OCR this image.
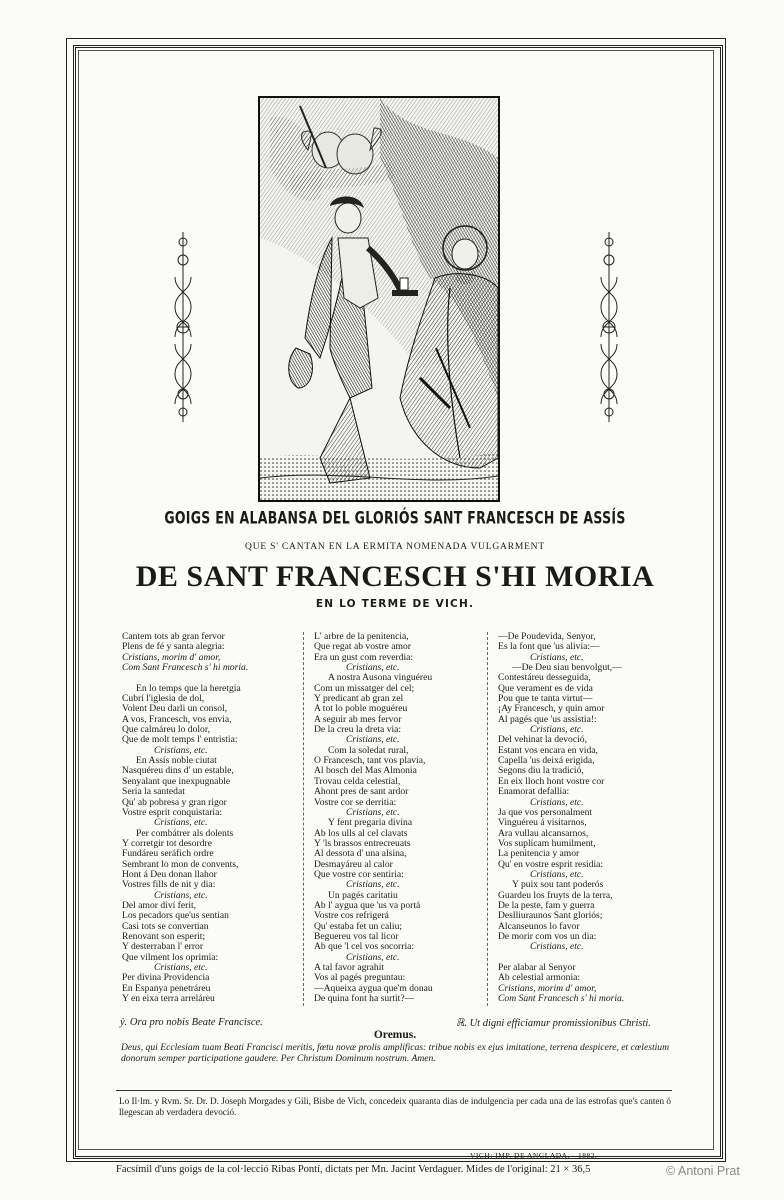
GOIGS EN ALABANSA DEL GLORIÓS SANT FRANCESCH DE ASSÍS
QUE S' CANTAN EN LA ERMITA NOMENADA VULGARMENT
DE SANT FRANCESCH S'HI MORIA
EN LO TERME DE VICH.
Cantem tots ab gran fervor
Plens de fé y santa alegria:
Cristians, morim d' amor,
Com Sant Francesch s' hi moria.
En lo temps que la heretgia
Cubrí l'iglesia de dol,
Volent Deu darli un consol,
A vos, Francesch, vos envia,
Que calmáreu lo dolor,
Que de molt temps l' entristia:
Cristians, etc.
En Assís noble ciutat
Nasquéreu dins d' un estable,
Senyalant que inexpugnable
Seria la santedat
Qu' ab pobresa y gran rigor
Vostre esprit conquistaria:
Cristians, etc.
Per combátrer als dolents
Y corretgir tot desordre
Fundáreu seráfich ordre
Sembrant lo mon de convents,
Hont á Deu donan llahor
Vostres fills de nit y dia:
Cristians, etc.
Del amor diví ferit,
Los pecadors que'us sentian
Casi tots se convertian
Renovant son esperit;
Y desterraban l' error
Que vilment los oprimia:
Cristians, etc.
Per divina Providencia
En Espanya penetráreu
Y en eixa terra arreláreu
L' arbre de la penitencia,
Que regat ab vostre amor
Era un gust com reverdia:
Cristians, etc.
A nostra Ausona vinguéreu
Com un missatger del cel;
Y predicant ab gran zel
A tot lo poble moguéreu
A seguir ab mes fervor
De la creu la dreta via:
Cristians, etc.
Com la soledat rural,
O Francesch, tant vos plavia,
Al bosch del Mas Almonia
Trovau celda celestial,
Ahont pres de sant ardor
Vostre cor se derritia:
Cristians, etc.
Y fent pregaria divina
Ab los ulls al cel clavats
Y 'ls brassos entrecreuats
Al dessota d' una alsina,
Desmayáreu al calor
Que vostre cor sentiria:
Cristians, etc.
Un pagés caritatiu
Ab l' ayguа que 'us va portá
Vostre cos refrigerá
Qu' estaba fet un caliu;
Beguereu vos tal licor
Ab que 'l cel vos socorria:
Cristians, etc.
A tal favor agrahit
Vos al pagés preguntau:
—Aqueixa ayguа que'm donau
De quina font ha surtit?—
—De Poudevida, Senyor,
Es la font que 'us alivia:—
Cristians, etc.
—De Deu siau benvolgut,—
Contestáreu desseguida,
Que verament es de vida
Pou que te tanta virtut—
¡Ay Francesch, y quin amor
Al pagés que 'us assistia!:
Cristians, etc.
Del vehinat la devoció,
Estant vos encara en vida,
Capella 'us deixá erigida,
Segons diu la tradició,
En eix lloch hont vostre cor
Enamorat defallia:
Cristians, etc.
Ja que vos personalment
Vinguéreu á visitarnos,
Ara vullau alcansarnos,
Vos suplicam humilment,
La penitencia y amor
Qu' en vostre esprit residia:
Cristians, etc.
Y puix sou tant poderós
Guardeu los fruyts de la terra,
De la peste, fam y guerra
Deslliuraunos Sant gloriós;
Alcanseunos lo favor
De morir com vos un dia:
Cristians, etc.
Per alabar al Senyor
Ab celestial armonia:
Cristians, morim d' amor,
Com Sant Francesch s' hi moria.
ẏ. Ora pro nobis Beate Francisce.	ℝ. Ut digni efficiamur promissionibus Christi.
Oremus.
Deus, qui Ecclesiam tuam Beati Francisci meritis, fœtu novæ prolis amplificas: tribue nobis ex ejus imitatione, terrena despicere, et cœlestium donorum semper participatione gaudere. Per Christum Dominum nostrum. Amen.
Lo Il·lm. y Rvm. Sr. Dr. D. Joseph Morgades y Gili, Bisbe de Vich, concedeix quaranta dias de indulgencia per cada una de las estrofas que's canten ó llegescan ab verdadera devoció.
VICH: IMP. DE ANGLADA.—1882.
Facsímil d'uns goigs de la col·lecció Ribas Pontí, dictats per Mn. Jacint Verdaguer. Mides de l'original: 21 × 36,5	© Antoni Prat
